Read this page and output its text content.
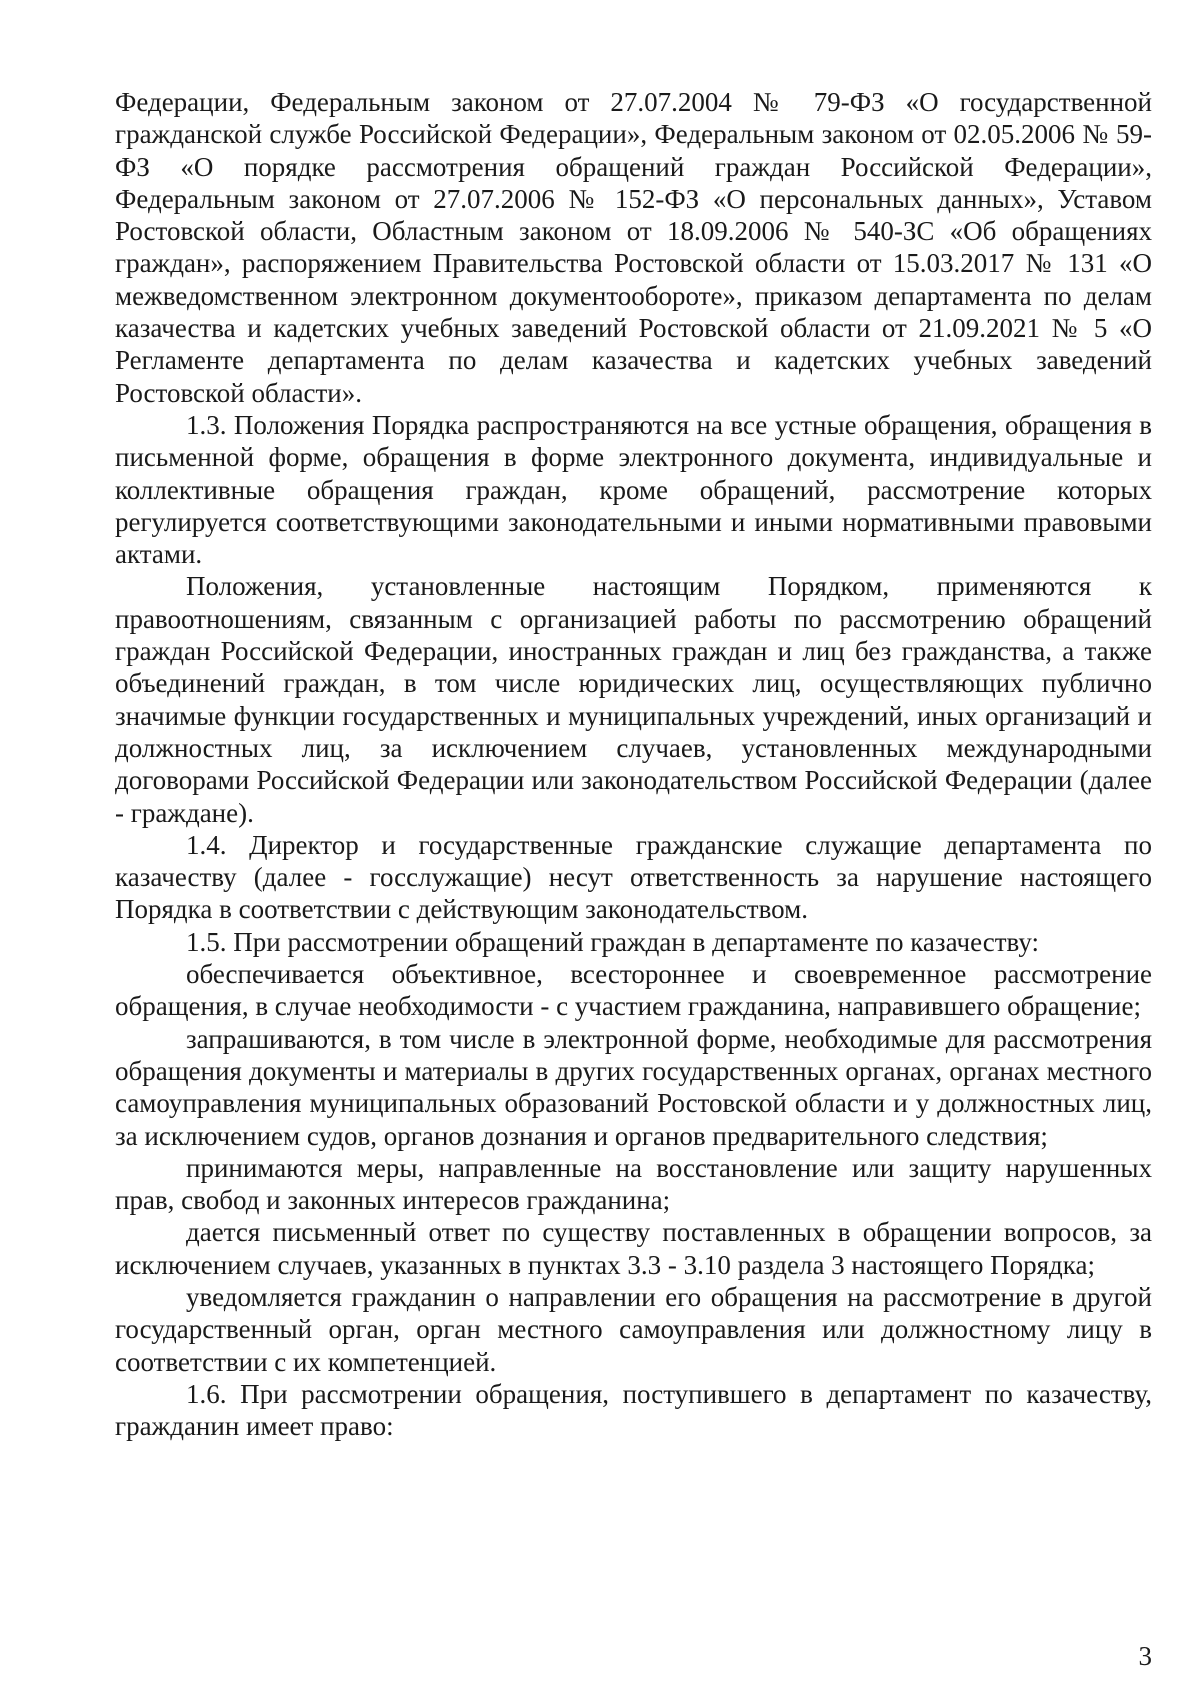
Федерации, Федеральным законом от 27.07.2004 № 79-ФЗ «О государственной гражданской службе Российской Федерации», Федеральным законом от 02.05.2006 № 59-ФЗ «О порядке рассмотрения обращений граждан Российской Федерации», Федеральным законом от 27.07.2006 № 152-ФЗ «О персональных данных», Уставом Ростовской области, Областным законом от 18.09.2006 № 540-ЗС «Об обращениях граждан», распоряжением Правительства Ростовской области от 15.03.2017 № 131 «О межведомственном электронном документообороте», приказом департамента по делам казачества и кадетских учебных заведений Ростовской области от 21.09.2021 № 5 «О Регламенте департамента по делам казачества и кадетских учебных заведений Ростовской области».

1.3. Положения Порядка распространяются на все устные обращения, обращения в письменной форме, обращения в форме электронного документа, индивидуальные и коллективные обращения граждан, кроме обращений, рассмотрение которых регулируется соответствующими законодательными и иными нормативными правовыми актами.

Положения, установленные настоящим Порядком, применяются к правоотношениям, связанным с организацией работы по рассмотрению обращений граждан Российской Федерации, иностранных граждан и лиц без гражданства, а также объединений граждан, в том числе юридических лиц, осуществляющих публично значимые функции государственных и муниципальных учреждений, иных организаций и должностных лиц, за исключением случаев, установленных международными договорами Российской Федерации или законодательством Российской Федерации (далее - граждане).

1.4. Директор и государственные гражданские служащие департамента по казачеству (далее - госслужащие) несут ответственность за нарушение настоящего Порядка в соответствии с действующим законодательством.

1.5. При рассмотрении обращений граждан в департаменте по казачеству:

обеспечивается объективное, всестороннее и своевременное рассмотрение обращения, в случае необходимости - с участием гражданина, направившего обращение;

запрашиваются, в том числе в электронной форме, необходимые для рассмотрения обращения документы и материалы в других государственных органах, органах местного самоуправления муниципальных образований Ростовской области и у должностных лиц, за исключением судов, органов дознания и органов предварительного следствия;

принимаются меры, направленные на восстановление или защиту нарушенных прав, свобод и законных интересов гражданина;

дается письменный ответ по существу поставленных в обращении вопросов, за исключением случаев, указанных в пунктах 3.3 - 3.10 раздела 3 настоящего Порядка;

уведомляется гражданин о направлении его обращения на рассмотрение в другой государственный орган, орган местного самоуправления или должностному лицу в соответствии с их компетенцией.

1.6. При рассмотрении обращения, поступившего в департамент по казачеству, гражданин имеет право:

3
